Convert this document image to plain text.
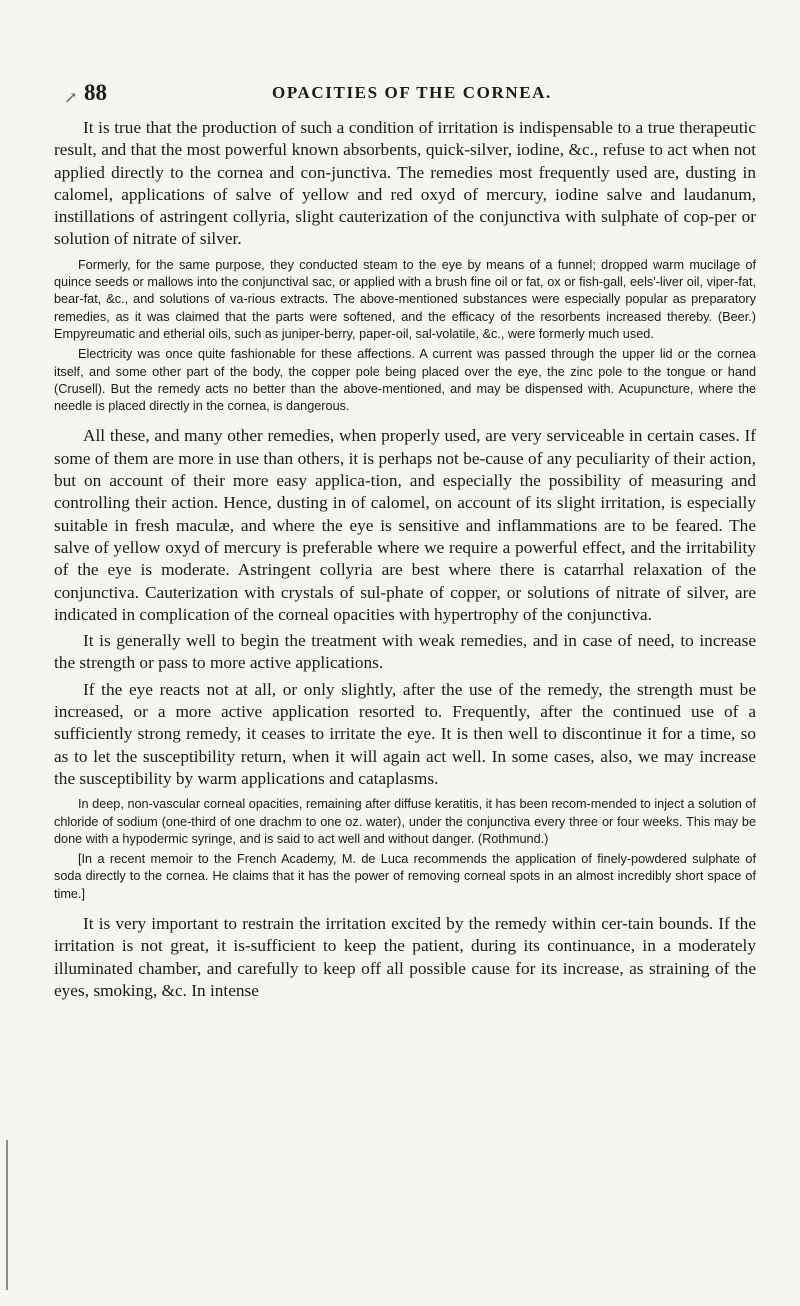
↗ 88	OPACITIES OF THE CORNEA.

It is true that the production of such a condition of irritation is indispensable to a true therapeutic result, and that the most powerful known absorbents, quick-silver, iodine, &c., refuse to act when not applied directly to the cornea and con-junctiva. The remedies most frequently used are, dusting in calomel, applications of salve of yellow and red oxyd of mercury, iodine salve and laudanum, instillations of astringent collyria, slight cauterization of the conjunctiva with sulphate of cop-per or solution of nitrate of silver.

Formerly, for the same purpose, they conducted steam to the eye by means of a funnel; dropped warm mucilage of quince seeds or mallows into the conjunctival sac, or applied with a brush fine oil or fat, ox or fish-gall, eels'-liver oil, viper-fat, bear-fat, &c., and solutions of va-rious extracts. The above-mentioned substances were especially popular as preparatory remedies, as it was claimed that the parts were softened, and the efficacy of the resorbents increased thereby. (Beer.) Empyreumatic and etherial oils, such as juniper-berry, paper-oil, sal-volatile, &c., were formerly much used.

Electricity was once quite fashionable for these affections. A current was passed through the upper lid or the cornea itself, and some other part of the body, the copper pole being placed over the eye, the zinc pole to the tongue or hand (Crusell). But the remedy acts no better than the above-mentioned, and may be dispensed with. Acupuncture, where the needle is placed directly in the cornea, is dangerous.

All these, and many other remedies, when properly used, are very serviceable in certain cases. If some of them are more in use than others, it is perhaps not be-cause of any peculiarity of their action, but on account of their more easy applica-tion, and especially the possibility of measuring and controlling their action. Hence, dusting in of calomel, on account of its slight irritation, is especially suitable in fresh maculæ, and where the eye is sensitive and inflammations are to be feared. The salve of yellow oxyd of mercury is preferable where we require a powerful effect, and the irritability of the eye is moderate. Astringent collyria are best where there is catarrhal relaxation of the conjunctiva. Cauterization with crystals of sul-phate of copper, or solutions of nitrate of silver, are indicated in complication of the corneal opacities with hypertrophy of the conjunctiva.

It is generally well to begin the treatment with weak remedies, and in case of need, to increase the strength or pass to more active applications.

If the eye reacts not at all, or only slightly, after the use of the remedy, the strength must be increased, or a more active application resorted to. Frequently, after the continued use of a sufficiently strong remedy, it ceases to irritate the eye. It is then well to discontinue it for a time, so as to let the susceptibility return, when it will again act well. In some cases, also, we may increase the susceptibility by warm applications and cataplasms.

In deep, non-vascular corneal opacities, remaining after diffuse keratitis, it has been recom-mended to inject a solution of chloride of sodium (one-third of one drachm to one oz. water), under the conjunctiva every three or four weeks. This may be done with a hypodermic syringe, and is said to act well and without danger. (Rothmund.)

[In a recent memoir to the French Academy, M. de Luca recommends the application of finely-powdered sulphate of soda directly to the cornea. He claims that it has the power of removing corneal spots in an almost incredibly short space of time.]

It is very important to restrain the irritation excited by the remedy within cer-tain bounds. If the irritation is not great, it is-sufficient to keep the patient, during its continuance, in a moderately illuminated chamber, and carefully to keep off all possible cause for its increase, as straining of the eyes, smoking, &c. In intense
